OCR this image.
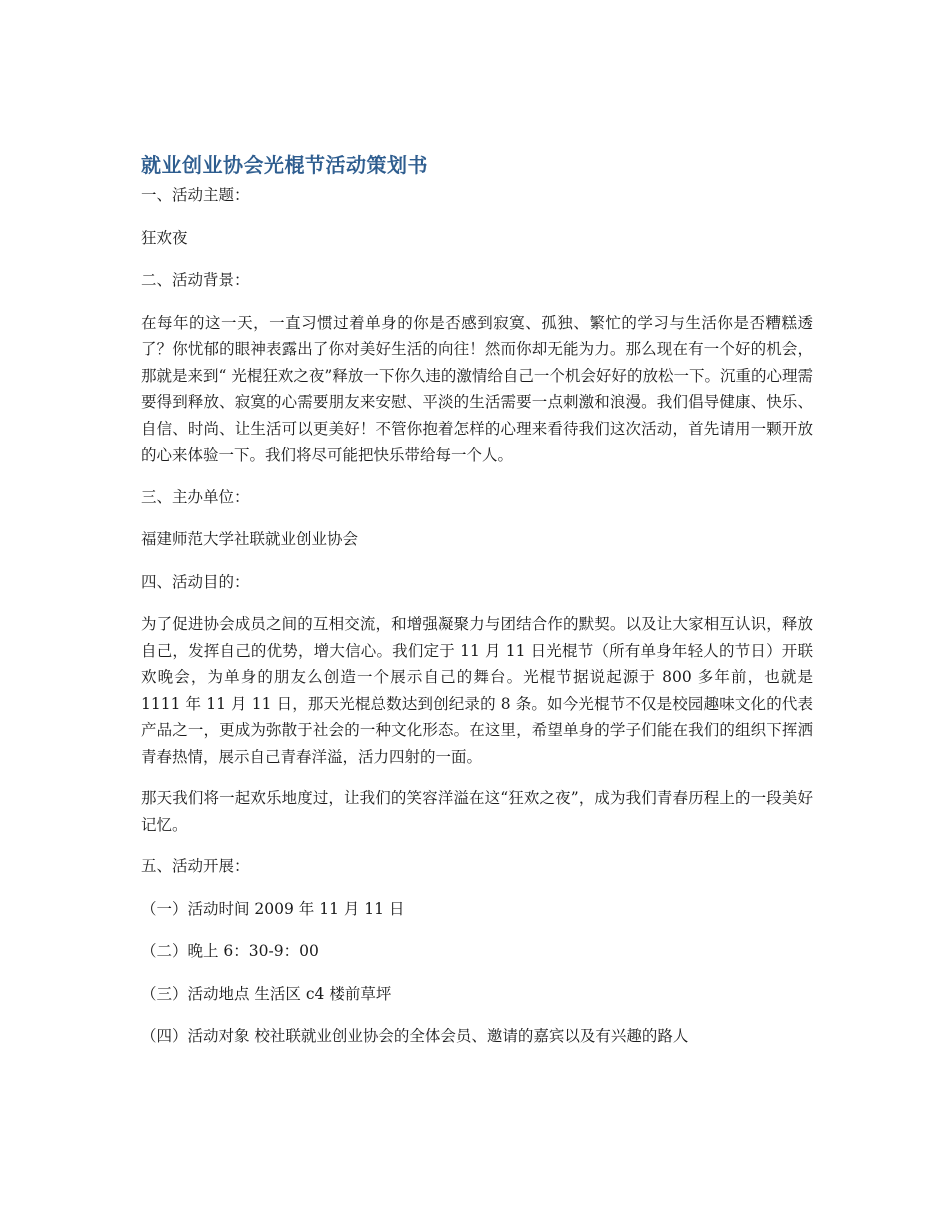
就业创业协会光棍节活动策划书

一、活动主题：

狂欢夜

二、活动背景：

在每年的这一天，一直习惯过着单身的你是否感到寂寞、孤独、繁忙的学习与生活你是否糟糕透了？你忧郁的眼神表露出了你对美好生活的向往！然而你却无能为力。那么现在有一个好的机会，那就是来到“ 光棍狂欢之夜”释放一下你久违的激情给自己一个机会好好的放松一下。沉重的心理需要得到释放、寂寞的心需要朋友来安慰、平淡的生活需要一点刺激和浪漫。我们倡导健康、快乐、自信、时尚、让生活可以更美好！不管你抱着怎样的心理来看待我们这次活动，首先请用一颗开放的心来体验一下。我们将尽可能把快乐带给每一个人。

三、主办单位：

福建师范大学社联就业创业协会

四、活动目的：

为了促进协会成员之间的互相交流，和增强凝聚力与团结合作的默契。以及让大家相互认识，释放自己，发挥自己的优势，增大信心。我们定于 11 月 11 日光棍节（所有单身年轻人的节日）开联欢晚会，为单身的朋友么创造一个展示自己的舞台。光棍节据说起源于 800 多年前，也就是 1111 年 11 月 11 日，那天光棍总数达到创纪录的 8 条。如今光棍节不仅是校园趣味文化的代表产品之一，更成为弥散于社会的一种文化形态。在这里，希望单身的学子们能在我们的组织下挥洒青春热情，展示自己青春洋溢，活力四射的一面。

那天我们将一起欢乐地度过，让我们的笑容洋溢在这“狂欢之夜”，成为我们青春历程上的一段美好记忆。

五、活动开展：

（一）活动时间 2009 年 11 月 11 日

（二）晚上 6：30-9：00

（三）活动地点 生活区 c4 楼前草坪

（四）活动对象 校社联就业创业协会的全体会员、邀请的嘉宾以及有兴趣的路人
